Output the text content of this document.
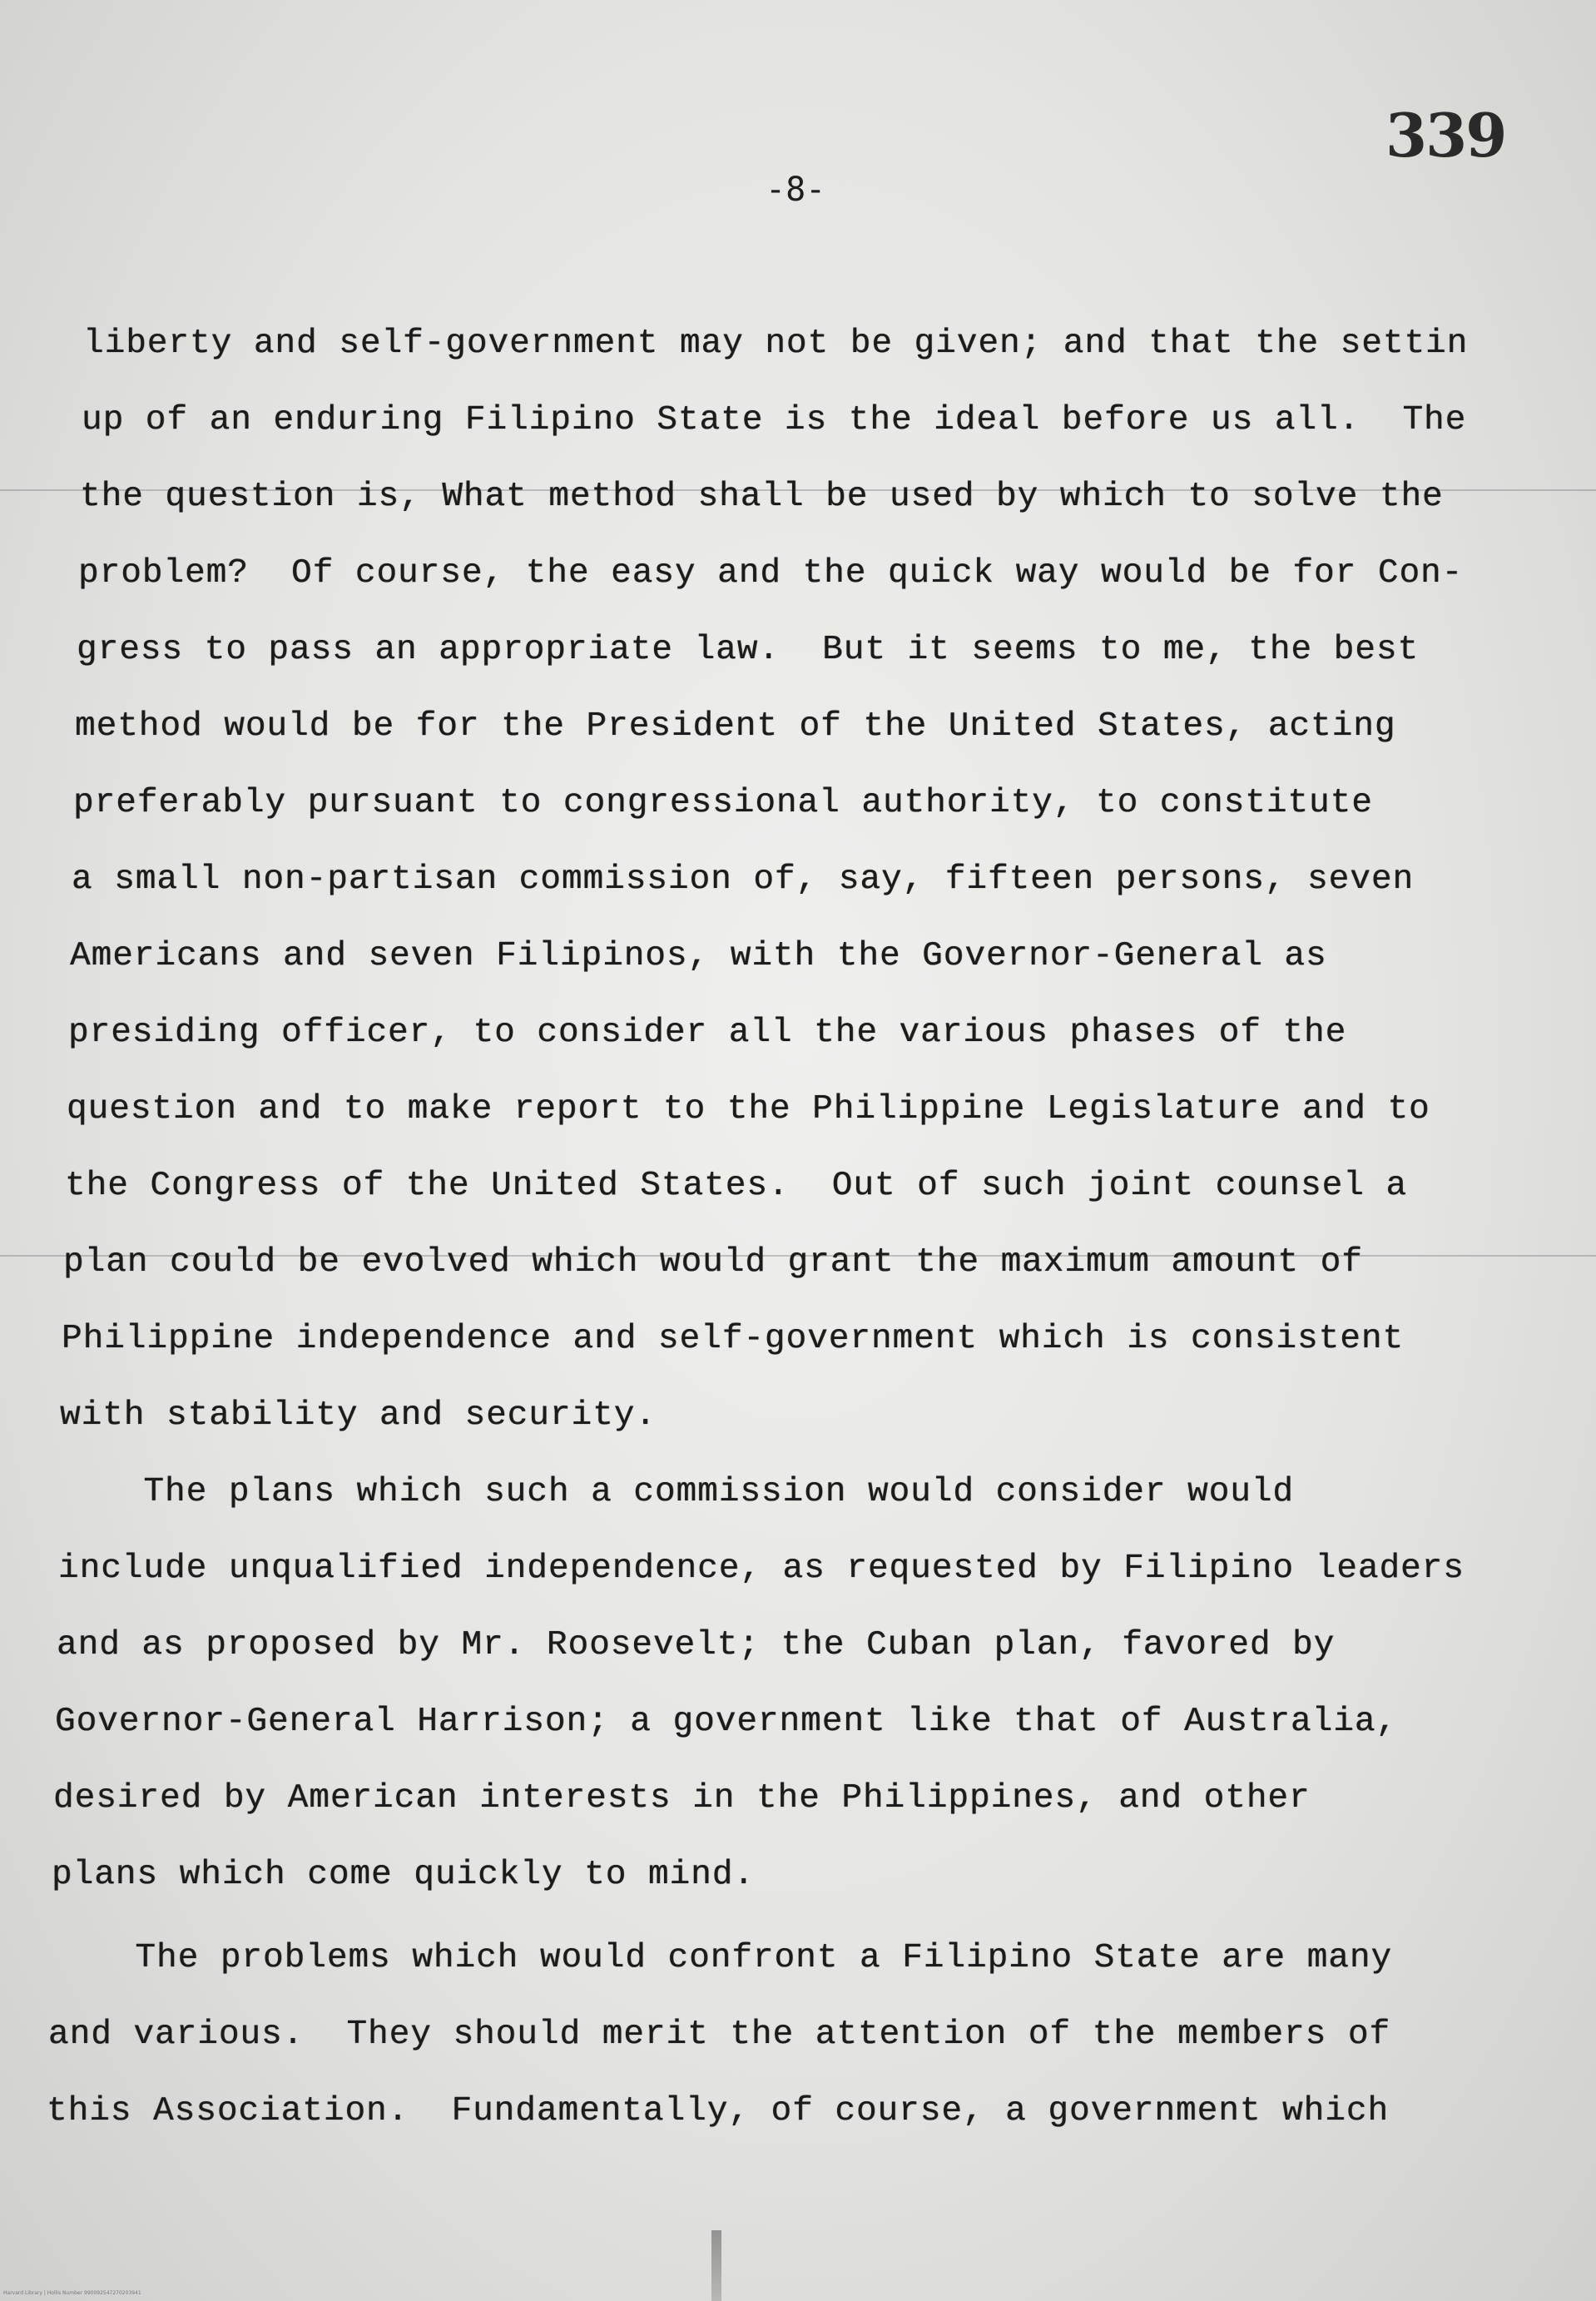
339
-8-
liberty and self-government may not be given; and that the settin
up of an enduring Filipino State is the ideal before us all.  The
the question is, What method shall be used by which to solve the
problem?  Of course, the easy and the quick way would be for Con-
gress to pass an appropriate law.  But it seems to me, the best
method would be for the President of the United States, acting
preferably pursuant to congressional authority, to constitute
a small non-partisan commission of, say, fifteen persons, seven
Americans and seven Filipinos, with the Governor-General as
presiding officer, to consider all the various phases of the
question and to make report to the Philippine Legislature and to
the Congress of the United States.  Out of such joint counsel a
plan could be evolved which would grant the maximum amount of
Philippine independence and self-government which is consistent
with stability and security.
The plans which such a commission would consider would
include unqualified independence, as requested by Filipino leaders
and as proposed by Mr. Roosevelt; the Cuban plan, favored by
Governor-General Harrison; a government like that of Australia,
desired by American interests in the Philippines, and other
plans which come quickly to mind.
The problems which would confront a Filipino State are many
and various.  They should merit the attention of the members of
this Association.  Fundamentally, of course, a government which
Harvard Library | Hollis Number 990092547270203941
